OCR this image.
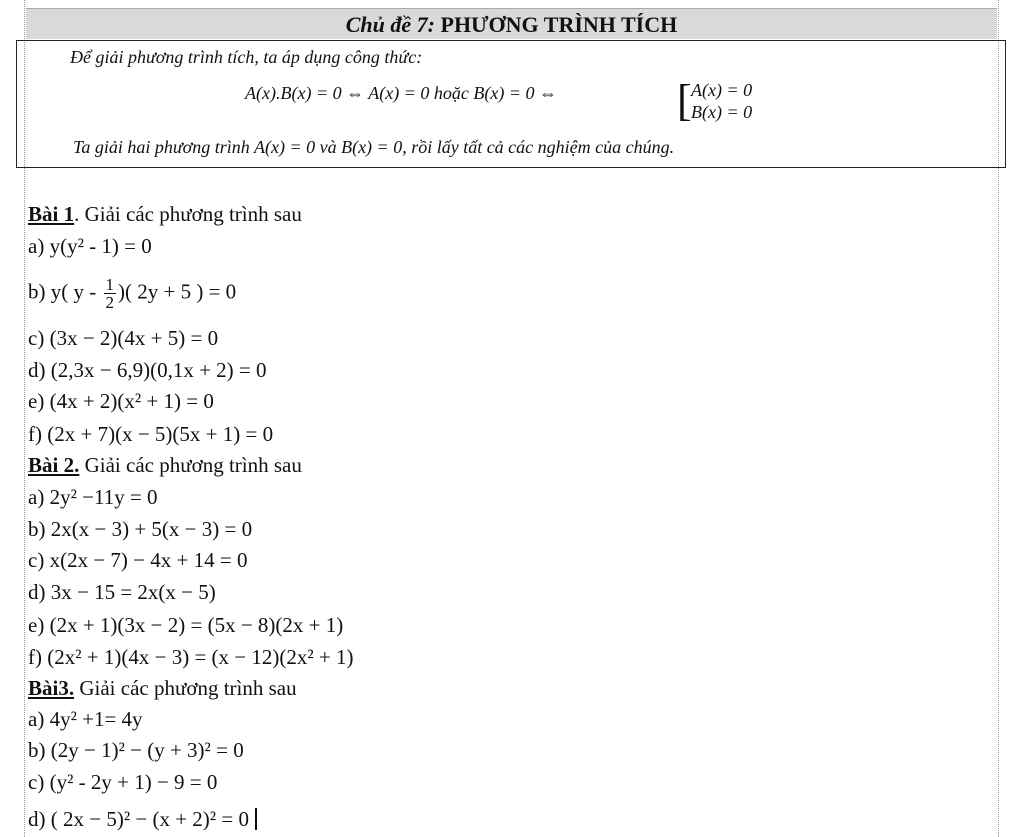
Chủ đề 7: PHƯƠNG TRÌNH TÍCH
Để giải phương trình tích, ta áp dụng công thức:
A(x).B(x) = 0 ⇔ A(x) = 0 hoặc B(x) = 0 ⇔	[ A(x) = 0
B(x) = 0
Ta giải hai phương trình A(x) = 0 và B(x) = 0, rồi lấy tất cả các nghiệm của chúng.
Bài 1. Giải các phương trình sau
a) y(y² - 1) = 0
b) y( y - $\frac{1}{2}$ )( 2y + 5 ) = 0
c) (3x − 2)(4x + 5) = 0
d) (2,3x − 6,9)(0,1x + 2) = 0
e) (4x + 2)(x² + 1) = 0
f) (2x + 7)(x − 5)(5x + 1) = 0
Bài 2. Giải các phương trình sau
a) 2y² −11y = 0
b) 2x(x − 3) + 5(x − 3) = 0
c) x(2x − 7) − 4x + 14 = 0
d) 3x − 15 = 2x(x − 5)
e) (2x + 1)(3x − 2) = (5x − 8)(2x + 1)
f) (2x² + 1)(4x − 3) = (x − 12)(2x² + 1)
Bài3. Giải các phương trình sau
a) 4y² +1= 4y
b) (2y − 1)² − (y + 3)² = 0
c) (y² - 2y + 1) − 9 = 0
d) ( 2x − 5)² − (x + 2)² = 0
